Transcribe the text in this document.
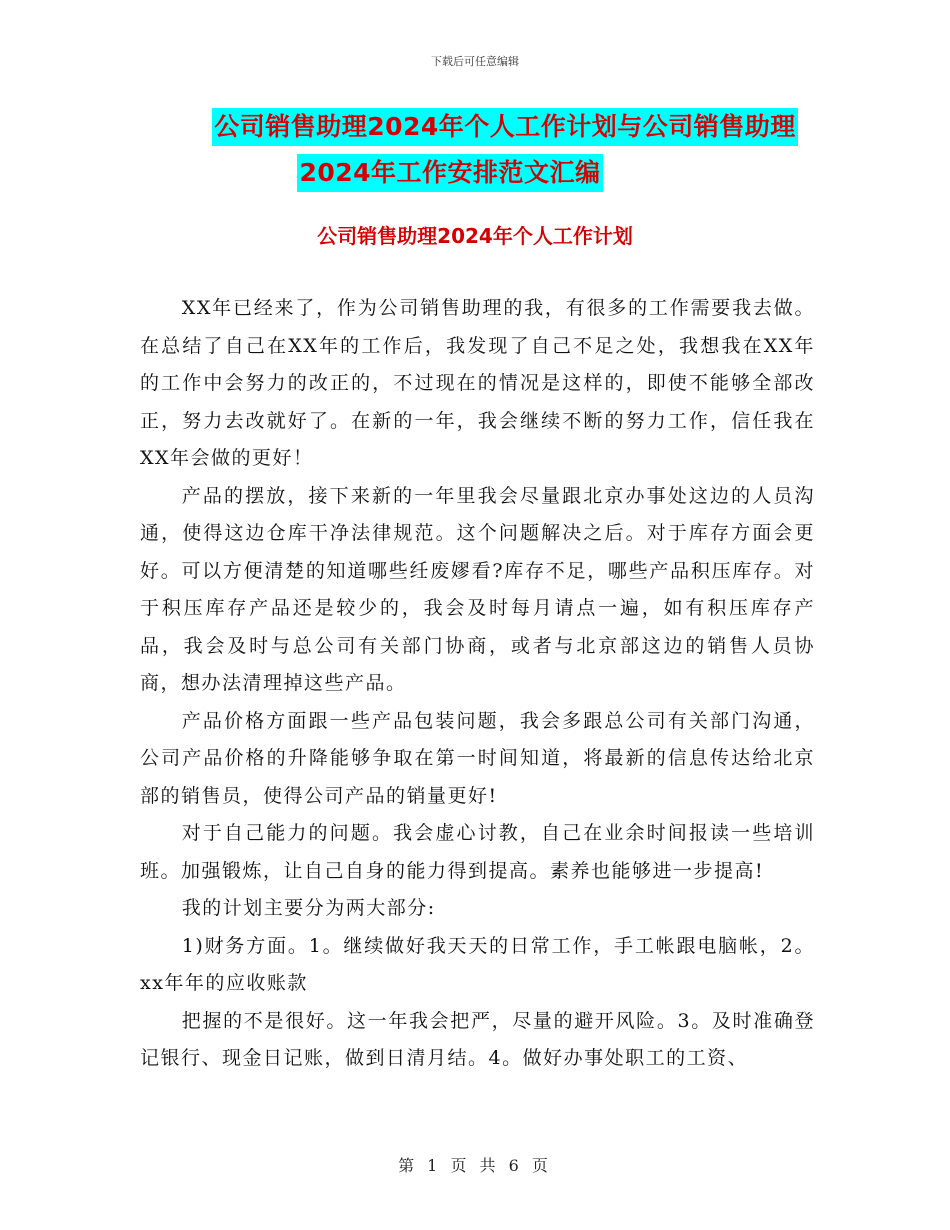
下载后可任意编辑
公司销售助理2024年个人工作计划与公司销售助理
2024年工作安排范文汇编
公司销售助理2024年个人工作计划

XX年已经来了，作为公司销售助理的我，有很多的工作需要我去做。在总结了自己在XX年的工作后，我发现了自己不足之处，我想我在XX年的工作中会努力的改正的，不过现在的情况是这样的，即使不能够全部改正，努力去改就好了。在新的一年，我会继续不断的努力工作，信任我在XX年会做的更好！

产品的摆放，接下来新的一年里我会尽量跟北京办事处这边的人员沟通，使得这边仓库干净法律规范。这个问题解决之后。对于库存方面会更好。可以方便清楚的知道哪些纴废嫪看?库存不足，哪些产品积压库存。对于积压库存产品还是较少的，我会及时每月请点一遍，如有积压库存产品，我会及时与总公司有关部门协商，或者与北京部这边的销售人员协商，想办法清理掉这些产品。

产品价格方面跟一些产品包装问题，我会多跟总公司有关部门沟通，公司产品价格的升降能够争取在第一时间知道，将最新的信息传达给北京部的销售员，使得公司产品的销量更好!

对于自己能力的问题。我会虚心讨教，自己在业余时间报读一些培训班。加强锻炼，让自己自身的能力得到提高。素养也能够进一步提高!

我的计划主要分为两大部分:

1)财务方面。1。继续做好我天天的日常工作，手工帐跟电脑帐，2。xx年年的应收账款

把握的不是很好。这一年我会把严，尽量的避开风险。3。及时准确登记银行、现金日记账，做到日清月结。4。做好办事处职工的工资、

第 1 页 共 6 页
